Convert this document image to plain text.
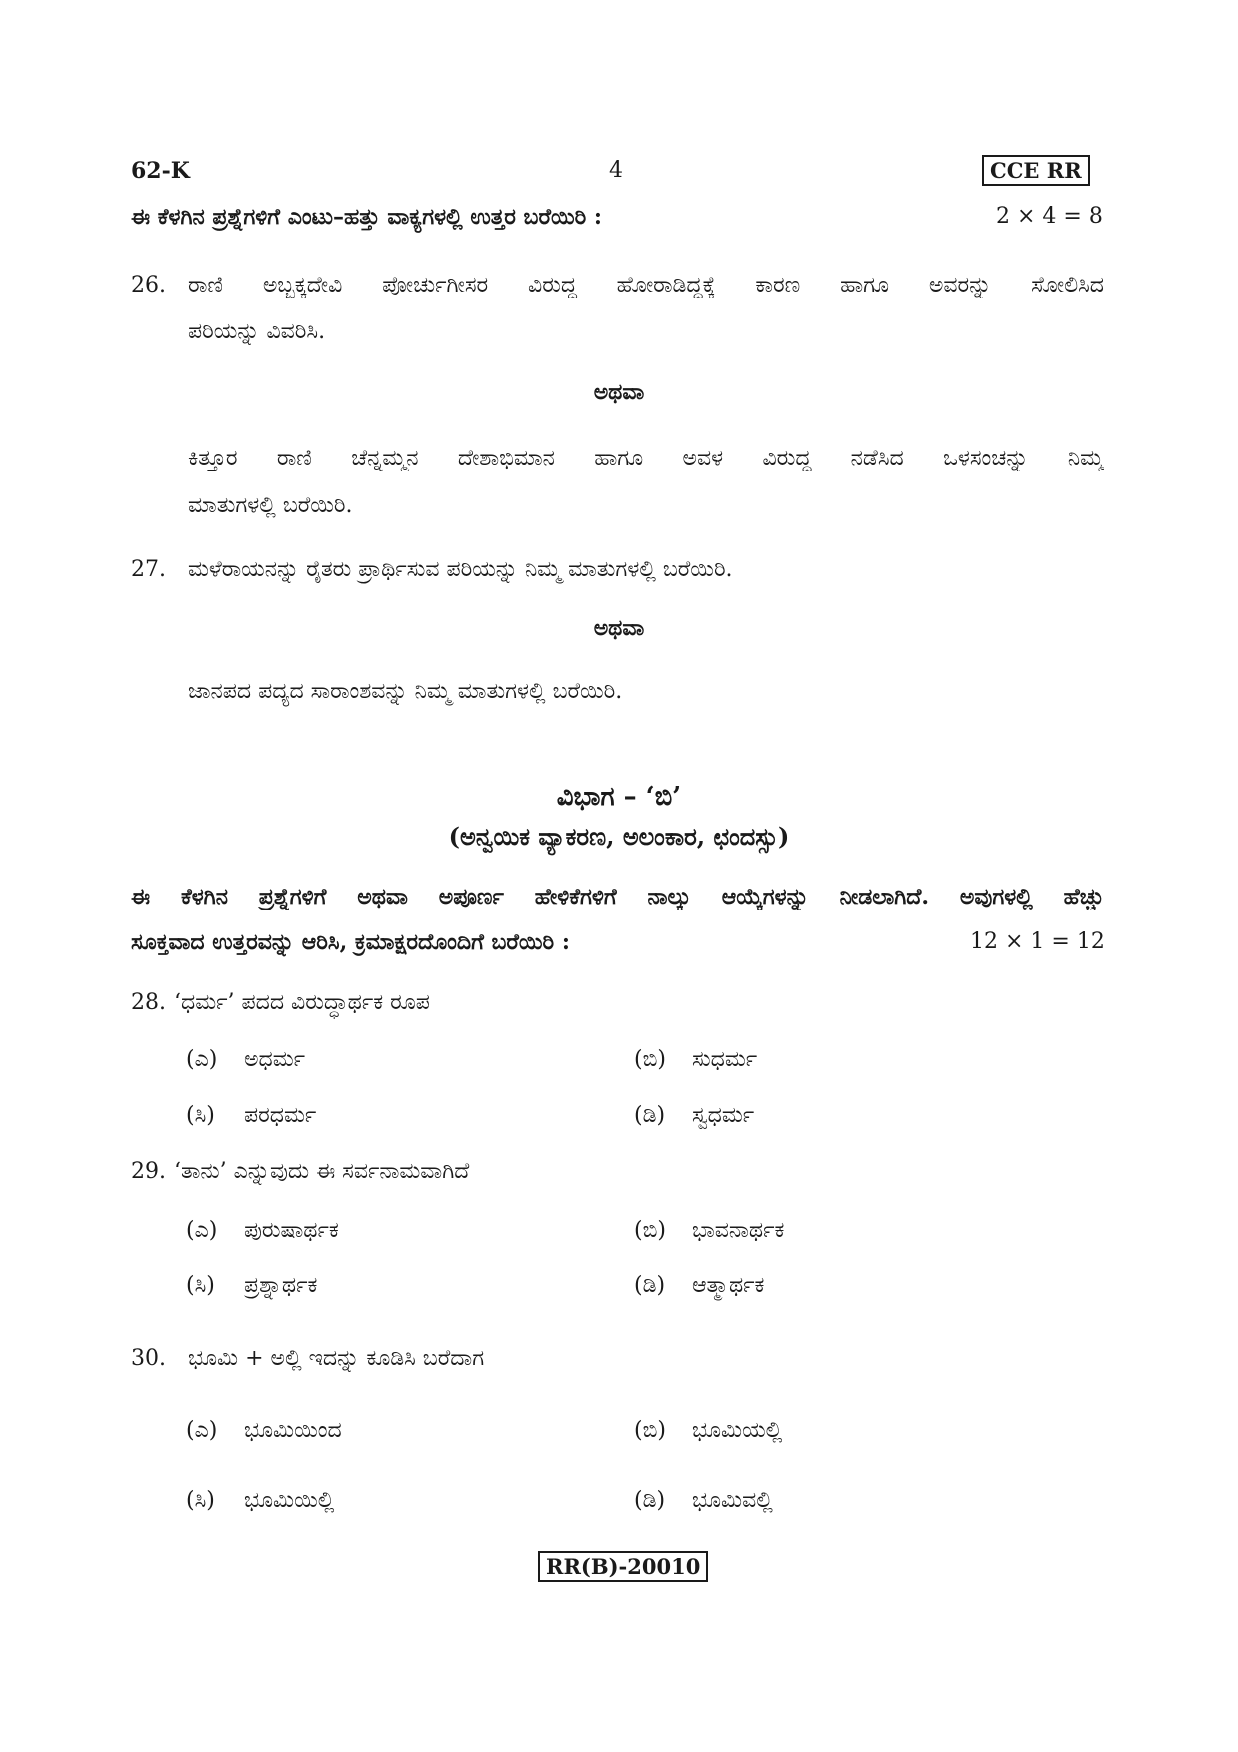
62-K	4	CCE RR
ಈ ಕೆಳಗಿನ ಪ್ರಶ್ನೆಗಳಿಗೆ ಎಂಟು–ಹತ್ತು ವಾಕ್ಯಗಳಲ್ಲಿ ಉತ್ತರ ಬರೆಯಿರಿ :	2 × 4 = 8
26. ರಾಣಿ ಅಬ್ಬಕ್ಕದೇವಿ ಪೋರ್ಚುಗೀಸರ ವಿರುದ್ಧ ಹೋರಾಡಿದ್ದಕ್ಕೆ ಕಾರಣ ಹಾಗೂ ಅವರನ್ನು ಸೋಲಿಸಿದ
ಪರಿಯನ್ನು ವಿವರಿಸಿ.
ಅಥವಾ
ಕಿತ್ತೂರ ರಾಣಿ ಚೆನ್ನಮ್ಮನ ದೇಶಾಭಿಮಾನ ಹಾಗೂ ಅವಳ ವಿರುದ್ಧ ನಡೆಸಿದ ಒಳಸಂಚನ್ನು ನಿಮ್ಮ
ಮಾತುಗಳಲ್ಲಿ ಬರೆಯಿರಿ.
27. ಮಳೆರಾಯನನ್ನು ರೈತರು ಪ್ರಾರ್ಥಿಸುವ ಪರಿಯನ್ನು ನಿಮ್ಮ ಮಾತುಗಳಲ್ಲಿ ಬರೆಯಿರಿ.
ಅಥವಾ
ಜಾನಪದ ಪದ್ಯದ ಸಾರಾಂಶವನ್ನು ನಿಮ್ಮ ಮಾತುಗಳಲ್ಲಿ ಬರೆಯಿರಿ.
ವಿಭಾಗ – ‘ಬಿ’
(ಅನ್ವಯಿಕ ವ್ಯಾಕರಣ, ಅಲಂಕಾರ, ಛಂದಸ್ಸು)
ಈ ಕೆಳಗಿನ ಪ್ರಶ್ನೆಗಳಿಗೆ ಅಥವಾ ಅಪೂರ್ಣ ಹೇಳಿಕೆಗಳಿಗೆ ನಾಲ್ಕು ಆಯ್ಕೆಗಳನ್ನು ನೀಡಲಾಗಿದೆ. ಅವುಗಳಲ್ಲಿ ಹೆಚ್ಚು
ಸೂಕ್ತವಾದ ಉತ್ತರವನ್ನು ಆರಿಸಿ, ಕ್ರಮಾಕ್ಷರದೊಂದಿಗೆ ಬರೆಯಿರಿ :	12 × 1 = 12
28. ‘ಧರ್ಮ’ ಪದದ ವಿರುದ್ಧಾರ್ಥಕ ರೂಪ
(ಎ) ಅಧರ್ಮ	(ಬಿ) ಸುಧರ್ಮ
(ಸಿ) ಪರಧರ್ಮ	(ಡಿ) ಸ್ವಧರ್ಮ
29. ‘ತಾನು’ ಎನ್ನುವುದು ಈ ಸರ್ವನಾಮವಾಗಿದೆ
(ಎ) ಪುರುಷಾರ್ಥಕ	(ಬಿ) ಭಾವನಾರ್ಥಕ
(ಸಿ) ಪ್ರಶ್ನಾರ್ಥಕ	(ಡಿ) ಆತ್ಮಾರ್ಥಕ
30. ಭೂಮಿ + ಅಲ್ಲಿ ಇದನ್ನು ಕೂಡಿಸಿ ಬರೆದಾಗ
(ಎ) ಭೂಮಿಯಿಂದ	(ಬಿ) ಭೂಮಿಯಲ್ಲಿ
(ಸಿ) ಭೂಮಿಯಿಲ್ಲಿ	(ಡಿ) ಭೂಮಿವಲ್ಲಿ
RR(B)-20010
